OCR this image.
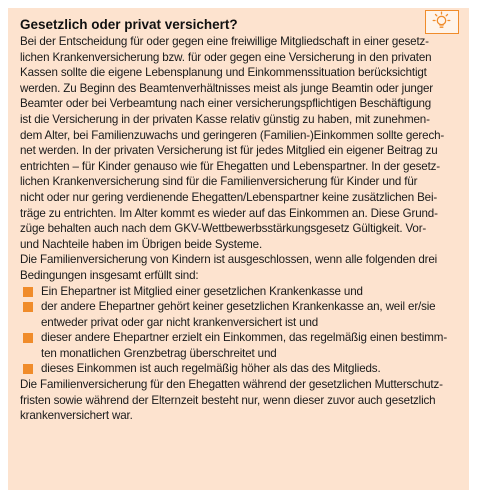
Gesetzlich oder privat versichert?
Bei der Entscheidung für oder gegen eine freiwillige Mitgliedschaft in einer gesetz-
lichen Krankenversicherung bzw. für oder gegen eine Versicherung in den privaten
Kassen sollte die eigene Lebensplanung und Einkommenssituation berücksichtigt
werden. Zu Beginn des Beamtenverhältnisses meist als junge Beamtin oder junger
Beamter oder bei Verbeamtung nach einer versicherungspflichtigen Beschäftigung
ist die Versicherung in der privaten Kasse relativ günstig zu haben, mit zunehmen-
dem Alter, bei Familienzuwachs und geringeren (Familien-)Einkommen sollte gerech-
net werden. In der privaten Versicherung ist für jedes Mitglied ein eigener Beitrag zu
entrichten – für Kinder genauso wie für Ehegatten und Lebenspartner. In der gesetz-
lichen Krankenversicherung sind für die Familienversicherung für Kinder und für
nicht oder nur gering verdienende Ehegatten/Lebenspartner keine zusätzlichen Bei-
träge zu entrichten. Im Alter kommt es wieder auf das Einkommen an. Diese Grund-
züge behalten auch nach dem GKV-Wettbewerbsstärkungsgesetz Gültigkeit. Vor-
und Nachteile haben im Übrigen beide Systeme.
Die Familienversicherung von Kindern ist ausgeschlossen, wenn alle folgenden drei
Bedingungen insgesamt erfüllt sind:
Ein Ehepartner ist Mitglied einer gesetzlichen Krankenkasse und
der andere Ehepartner gehört keiner gesetzlichen Krankenkasse an, weil er/sie
entweder privat oder gar nicht krankenversichert ist und
dieser andere Ehepartner erzielt ein Einkommen, das regelmäßig einen bestimm-
ten monatlichen Grenzbetrag überschreitet und
dieses Einkommen ist auch regelmäßig höher als das des Mitglieds.
Die Familienversicherung für den Ehegatten während der gesetzlichen Mutterschutz-
fristen sowie während der Elternzeit besteht nur, wenn dieser zuvor auch gesetzlich
krankenversichert war.
